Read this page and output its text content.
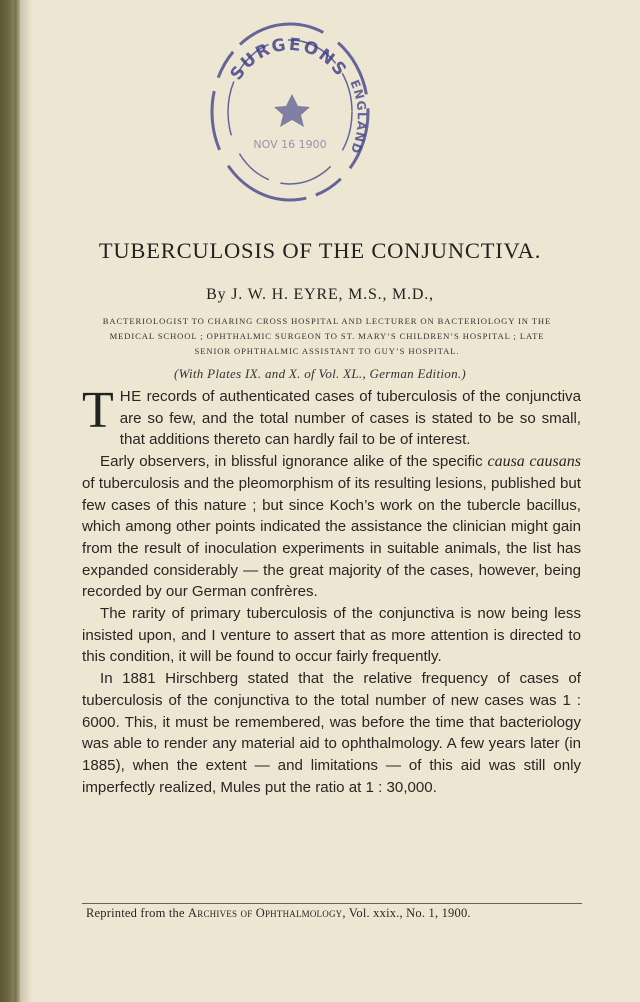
SURGEONS
ENGLAND
NOV 16 1900
TUBERCULOSIS OF THE CONJUNCTIVA.
By J. W. H. EYRE, M.S., M.D.,
BACTERIOLOGIST TO CHARING CROSS HOSPITAL AND LECTURER ON BACTERIOLOGY IN THE
MEDICAL SCHOOL ; OPHTHALMIC SURGEON TO ST. MARY’S CHILDREN’S HOSPITAL ; LATE
SENIOR OPHTHALMIC ASSISTANT TO GUY’S HOSPITAL.
(With Plates IX. and X. of Vol. XL., German Edition.)

THE records of authenticated cases of tuberculosis of the conjunctiva are so few, and the total number of cases is stated to be so small, that additions thereto can hardly fail to be of interest.

Early observers, in blissful ignorance alike of the specific causa causans of tuberculosis and the pleomorphism of its resulting lesions, published but few cases of this nature ; but since Koch’s work on the tubercle bacillus, which among other points indicated the assistance the clinician might gain from the result of inoculation experiments in suitable animals, the list has expanded considerably — the great majority of the cases, however, being recorded by our German confrères.

The rarity of primary tuberculosis of the conjunctiva is now being less insisted upon, and I venture to assert that as more attention is directed to this condition, it will be found to occur fairly frequently.

In 1881 Hirschberg stated that the relative frequency of cases of tuberculosis of the conjunctiva to the total number of new cases was 1 : 6000. This, it must be remembered, was before the time that bacteriology was able to render any material aid to ophthalmology. A few years later (in 1885), when the extent — and limitations — of this aid was still only imperfectly realized, Mules put the ratio at 1 : 30,000.

Reprinted from the Archives of Ophthalmology, Vol. xxix., No. 1, 1900.
